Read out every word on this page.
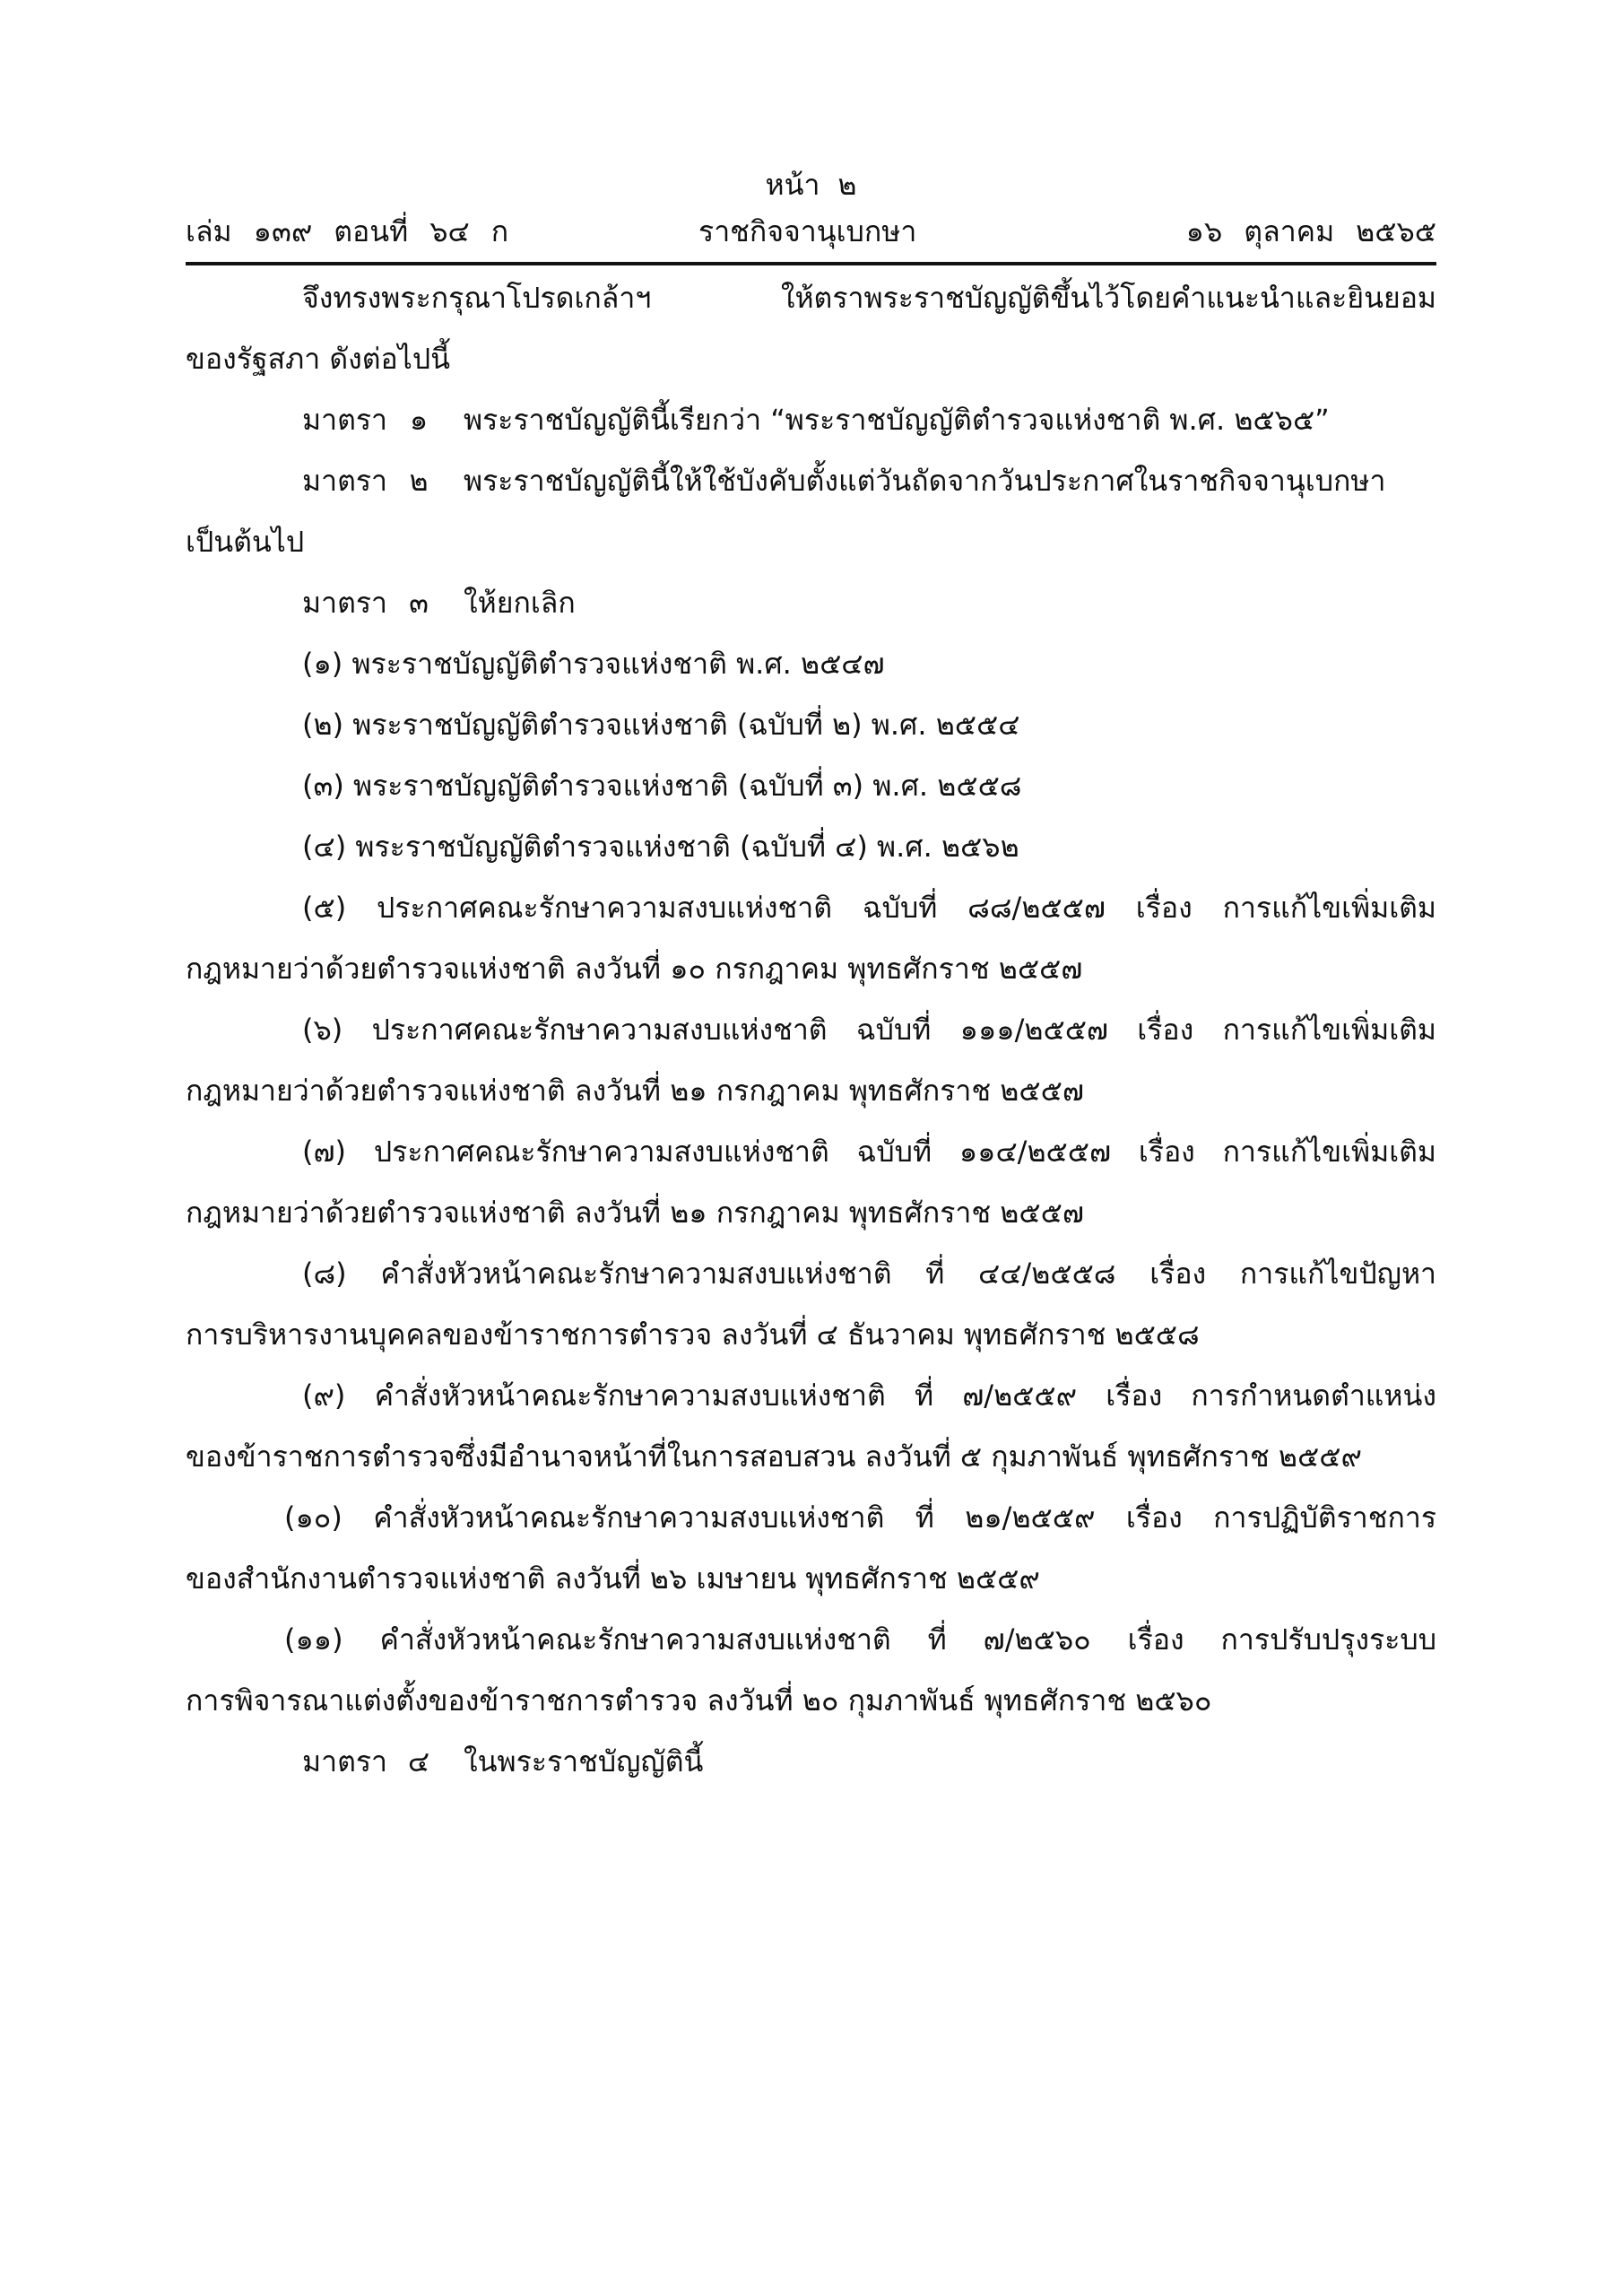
หน้า ๒
เล่ม ๑๓๙ ตอนที่ ๖๔ ก	ราชกิจจานุเบกษา	๑๖ ตุลาคม ๒๕๖๕
จึงทรงพระกรุณาโปรดเกล้าฯ ให้ตราพระราชบัญญัติขึ้นไว้โดยคำแนะนำและยินยอม
ของรัฐสภา ดังต่อไปนี้
มาตรา ๑ พระราชบัญญัตินี้เรียกว่า “พระราชบัญญัติตำรวจแห่งชาติ พ.ศ. ๒๕๖๕”
มาตรา ๒ พระราชบัญญัตินี้ให้ใช้บังคับตั้งแต่วันถัดจากวันประกาศในราชกิจจานุเบกษา
เป็นต้นไป
มาตรา ๓ ให้ยกเลิก
(๑) พระราชบัญญัติตำรวจแห่งชาติ พ.ศ. ๒๕๔๗
(๒) พระราชบัญญัติตำรวจแห่งชาติ (ฉบับที่ ๒) พ.ศ. ๒๕๕๔
(๓) พระราชบัญญัติตำรวจแห่งชาติ (ฉบับที่ ๓) พ.ศ. ๒๕๕๘
(๔) พระราชบัญญัติตำรวจแห่งชาติ (ฉบับที่ ๔) พ.ศ. ๒๕๖๒
(๕) ประกาศคณะรักษาความสงบแห่งชาติ ฉบับที่ ๘๘/๒๕๕๗ เรื่อง การแก้ไขเพิ่มเติม
กฎหมายว่าด้วยตำรวจแห่งชาติ ลงวันที่ ๑๐ กรกฎาคม พุทธศักราช ๒๕๕๗
(๖) ประกาศคณะรักษาความสงบแห่งชาติ ฉบับที่ ๑๑๑/๒๕๕๗ เรื่อง การแก้ไขเพิ่มเติม
กฎหมายว่าด้วยตำรวจแห่งชาติ ลงวันที่ ๒๑ กรกฎาคม พุทธศักราช ๒๕๕๗
(๗) ประกาศคณะรักษาความสงบแห่งชาติ ฉบับที่ ๑๑๔/๒๕๕๗ เรื่อง การแก้ไขเพิ่มเติม
กฎหมายว่าด้วยตำรวจแห่งชาติ ลงวันที่ ๒๑ กรกฎาคม พุทธศักราช ๒๕๕๗
(๘) คำสั่งหัวหน้าคณะรักษาความสงบแห่งชาติ ที่ ๔๔/๒๕๕๘ เรื่อง การแก้ไขปัญหา
การบริหารงานบุคคลของข้าราชการตำรวจ ลงวันที่ ๔ ธันวาคม พุทธศักราช ๒๕๕๘
(๙) คำสั่งหัวหน้าคณะรักษาความสงบแห่งชาติ ที่ ๗/๒๕๕๙ เรื่อง การกำหนดตำแหน่ง
ของข้าราชการตำรวจซึ่งมีอำนาจหน้าที่ในการสอบสวน ลงวันที่ ๕ กุมภาพันธ์ พุทธศักราช ๒๕๕๙
(๑๐) คำสั่งหัวหน้าคณะรักษาความสงบแห่งชาติ ที่ ๒๑/๒๕๕๙ เรื่อง การปฏิบัติราชการ
ของสำนักงานตำรวจแห่งชาติ ลงวันที่ ๒๖ เมษายน พุทธศักราช ๒๕๕๙
(๑๑) คำสั่งหัวหน้าคณะรักษาความสงบแห่งชาติ ที่ ๗/๒๕๖๐ เรื่อง การปรับปรุงระบบ
การพิจารณาแต่งตั้งของข้าราชการตำรวจ ลงวันที่ ๒๐ กุมภาพันธ์ พุทธศักราช ๒๕๖๐
มาตรา ๔ ในพระราชบัญญัตินี้
